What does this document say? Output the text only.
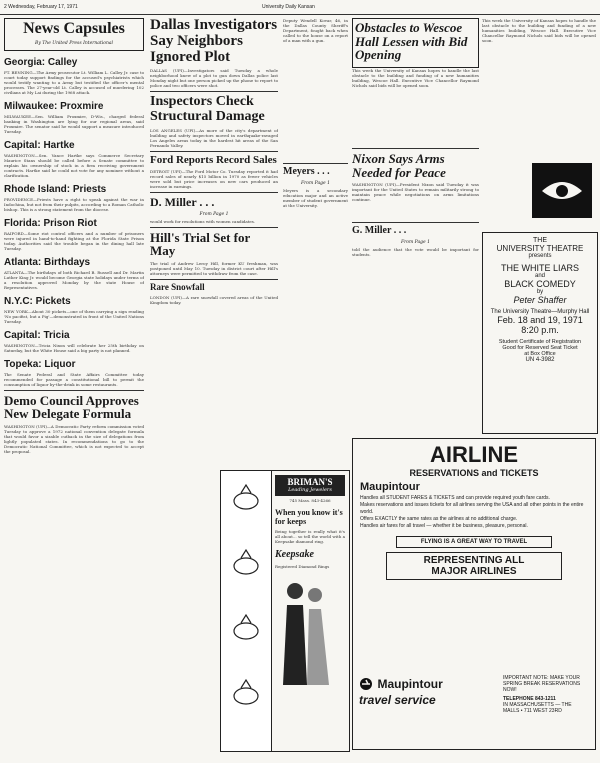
2 Wednesday, February 17, 1971	University Daily Kansan
News Capsules
By The United Press International
Georgia: Calley
FT. BENNING—The Army prosecutor Lt. William L. Calley Jr. case to court today support findings for the accused's psychiatrists which would testify wanting to a Army but testified the officer's mental processes. The 27-year-old Lt. Calley is accused of murdering 102 civilians at My Lai during the 1968 attack.
Milwaukee: Proxmire
MILWAUKEE—Sen. William Proxmire, D-Wis., charged federal banking in Washington are lying for our regional areas, said Proxmire. The senator said he would support a measure introduced Tuesday.
Capital: Hartke
WASHINGTON—Sen. Vance Hartke says Commerce Secretary Maurice Stans should be called before a Senate committee to explain his ownership of stock in a firm receiving government contracts. Hartke said he could not vote for any nominee without a clarification.
Rhode Island: Priests
PROVIDENCE—Priests have a right to speak against the war in Indochina, but not from their pulpits, according to a Roman Catholic bishop. This is a strong statement from the diocese.
Florida: Prison Riot
RAIFORD—Some riot control officers and a number of prisoners were injured in hand-to-hand fighting at the Florida State Prison today. Authorities said the trouble began in the dining hall late Tuesday.
Atlanta: Birthdays
ATLANTA—The birthdays of both Richard B. Russell and Dr. Martin Luther King Jr. would become Georgia state holidays under terms of a resolution approved Monday by the state House of Representatives.
N.Y.C: Pickets
NEW YORK—About 30 pickets—one of them carrying a sign reading 'No pacifist, but a Pig'—demonstrated in front of the United Nations Tuesday.
Capital: Tricia
WASHINGTON—Tricia Nixon will celebrate her 25th birthday on Saturday, but the White House said a big party is not planned.
Topeka: Liquor
The Senate Federal and State Affairs Committee today recommended for passage a constitutional bill to permit the consumption of liquor by-the-drink in some restaurants.
Demo Council Approves New Delegate Formula
WASHINGTON (UPI)—A Democratic Party reform commission voted Tuesday to approve a 1972 national convention delegate formula that would favor a sizable cutback in the size of delegations from lightly populated states. In recommendations to go to the Democratic National Committee, which is not expected to accept the proposal.
Dallas Investigators Say Neighbors Ignored Plot
DALLAS (UPI)—Investigators said Tuesday a whole neighborhood knew of a plot to gun down Dallas police last Monday night but one person picked up the phone to report to police and two officers were shot.
Inspectors Check Structural Damage
LOS ANGELES (UPI)—As more of the city's department of building and safety inspectors moved in earthquake-ravaged Los Angeles areas today in the hardest hit areas of the San Fernando Valley.
Ford Reports Record Sales
DETROIT (UPI)—The Ford Motor Co. Tuesday reported it had record sales of nearly $15 billion in 1970 as fewer vehicles were sold but price increases on new cars produced an increase in earnings.
D. Miller . . .
From Page 1
would work for resolutions with women candidates.
Hill's Trial Set for May
The trial of Andrew Leroy Hill, former KU freshman, was postponed until May 10. Tuesday in district court after Hill's attorneys were permitted to withdraw from the case.
Rare Snowfall
LONDON (UPI)—A rare snowfall covered areas of the United Kingdom today.
Deputy Wendell Kovar, 46, in the Dallas County Sheriff's Department, fought back when called to the house on a report of a man with a gun.
Meyers . . .
From Page 1
Meyers is a secondary education major and an active member of student government at the University.
BRIMAN'S
Leading Jewelers
745 Mass. 843-4266
When you know it's for keeps
Being together is really what it's all about... so tell the world with a Keepsake diamond ring.
Keepsake
Registered Diamond Rings
Obstacles to Wescoe Hall Lessen with Bid Opening
This week the University of Kansas hopes to handle the last obstacle to the building and funding of a new humanities building, Wescoe Hall. Executive Vice Chancellor Raymond Nichols said bids will be opened soon.
Nixon Says Arms Needed for Peace
WASHINGTON (UPI)—President Nixon said Tuesday it was important for the United States to remain militarily strong to maintain peace while negotiations on arms limitations continue.
G. Miller . . .
From Page 1
told the audience that the vote would be important for students.
This week the University of Kansas hopes to handle the last obstacle to the building and funding of a new humanities building, Wescoe Hall. Executive Vice Chancellor Raymond Nichols said bids will be opened soon.
THE
UNIVERSITY THEATRE
presents
THE WHITE LIARS
and
BLACK COMEDY
by
Peter Shaffer
The University Theatre—Murphy Hall
Feb. 18 and 19, 1971
8:20 p.m.
Student Certificate of Registration
Good for Reserved Seat Ticket
at Box Office
UN 4-3982
AIRLINE
RESERVATIONS and TICKETS
Maupintour
Handles all STUDENT FARES & TICKETS and can provide required youth fare cards.
Makes reservations and issues tickets for all airlines serving the USA and all other points in the entire world.
Offers EXACTLY the same rates as the airlines at no additional charge.
Handles air fares for all travel — whether it be business, pleasure, personal.
FLYING IS A GREAT WAY TO TRAVEL
REPRESENTING ALL
MAJOR AIRLINES
Maupintour
travel service
IMPORTANT NOTE: MAKE YOUR SPRING BREAK RESERVATIONS NOW!
TELEPHONE 843-1211
IN MASSACHUSETTS — THE MALLS • 711 WEST 23RD
